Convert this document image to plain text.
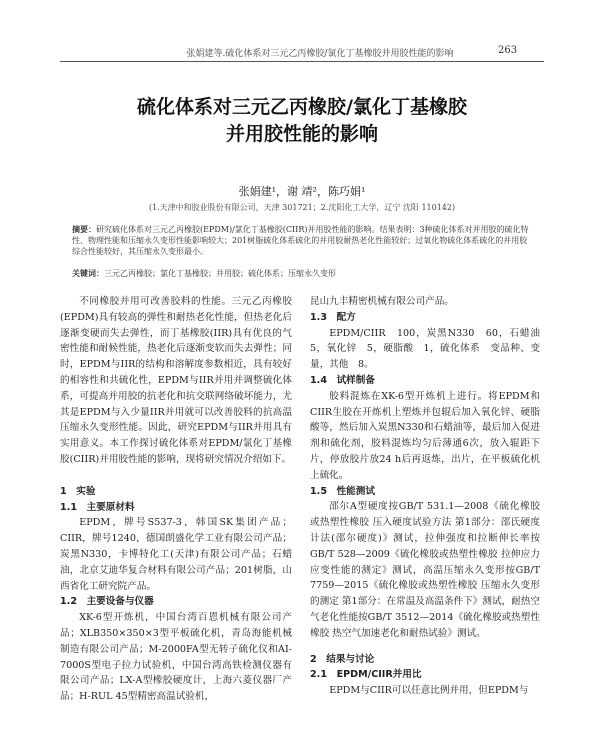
张娟建等.硫化体系对三元乙丙橡胶/氯化丁基橡胶并用胶性能的影响	263
硫化体系对三元乙丙橡胶/氯化丁基橡胶
并用胶性能的影响
张娟建¹，谢 靖²，陈巧娟¹
(1.天津中和胶业股份有限公司，天津 301721；2.沈阳化工大学，辽宁 沈阳 110142)
摘要：研究硫化体系对三元乙丙橡胶(EPDM)/氯化丁基橡胶(CIIR)并用胶性能的影响。结果表明：3种硫化体系对并用胶的硫化特性、物理性能和压缩永久变形性能影响较大；201树脂硫化体系硫化的并用胶耐热老化性能较好；过氧化物硫化体系硫化的并用胶综合性能较好，其压缩永久变形最小。
关键词：三元乙丙橡胶；氯化丁基橡胶；并用胶；硫化体系；压缩永久变形

不同橡胶并用可改善胶料的性能。三元乙丙橡胶(EPDM)具有较高的弹性和耐热老化性能，但热老化后逐渐变硬而失去弹性，而丁基橡胶(IIR)具有优良的气密性能和耐候性能，热老化后逐渐变软而失去弹性；同时，EPDM与IIR的结构和溶解度参数相近，具有较好的相容性和共硫化性，EPDM与IIR并用并调整硫化体系，可提高并用胶的抗老化和抗交联网络破坏能力，尤其是EPDM与入少量IIR并用就可以改善胶料的抗高温压缩永久变形性能。因此，研究EPDM与IIR并用具有实用意义。本工作探讨硫化体系对EPDM/氯化丁基橡胶(CIIR)并用胶性能的影响，现将研究情况介绍如下。

1　实验

1.1　主要原材料

EPDM，牌号S537-3，韩国SK集团产品；CIIR，牌号1240，德国朗盛化学工业有限公司产品；炭黑N330，卡博特化工(天津)有限公司产品；石蜡油，北京艾迪华复合材料有限公司产品；201树脂，山西省化工研究院产品。

1.2　主要设备与仪器

XK-6型开炼机，中国台湾百恩机械有限公司产品；XLB350×350×3型平板硫化机，青岛海能机械制造有限公司产品；M-2000FA型无转子硫化仪和AI-7000S型电子拉力试验机，中国台湾高铁检测仪器有限公司产品；LX-A型橡胶硬度计，上海六菱仪器厂产品；H-RUL 45型精密高温试验机，

昆山九丰精密机械有限公司产品。

1.3　配方

EPDM/CIIR　100，炭黑N330　60，石蜡油　5，氧化锌　5，硬脂酸　1，硫化体系　变品种、变量，其他　8。

1.4　试样制备

胶料混炼在XK-6型开炼机上进行。将EPDM和CIIR生胶在开炼机上塑炼并包辊后加入氧化锌、硬脂酸等，然后加入炭黑N330和石蜡油等，最后加入促进剂和硫化剂，胶料混炼均匀后薄通6次，放入辊距下片，停放胶片放24 h后再返炼，出片，在平板硫化机上硫化。

1.5　性能测试

邵尔A型硬度按GB/T 531.1—2008《硫化橡胶或热塑性橡胶 压入硬度试验方法 第1部分：邵氏硬度计法(邵尔硬度)》测试，拉伸强度和拉断伸长率按GB/T 528—2009《硫化橡胶或热塑性橡胶 拉伸应力应变性能的测定》测试，高温压缩永久变形按GB/T 7759—2015《硫化橡胶或热塑性橡胶 压缩永久变形的测定 第1部分：在常温及高温条件下》测试，耐热空气老化性能按GB/T 3512—2014《硫化橡胶或热塑性橡胶 热空气加速老化和耐热试验》测试。

2　结果与讨论

2.1　EPDM/CIIR并用比

EPDM与CIIR可以任意比例并用，但EPDM与
